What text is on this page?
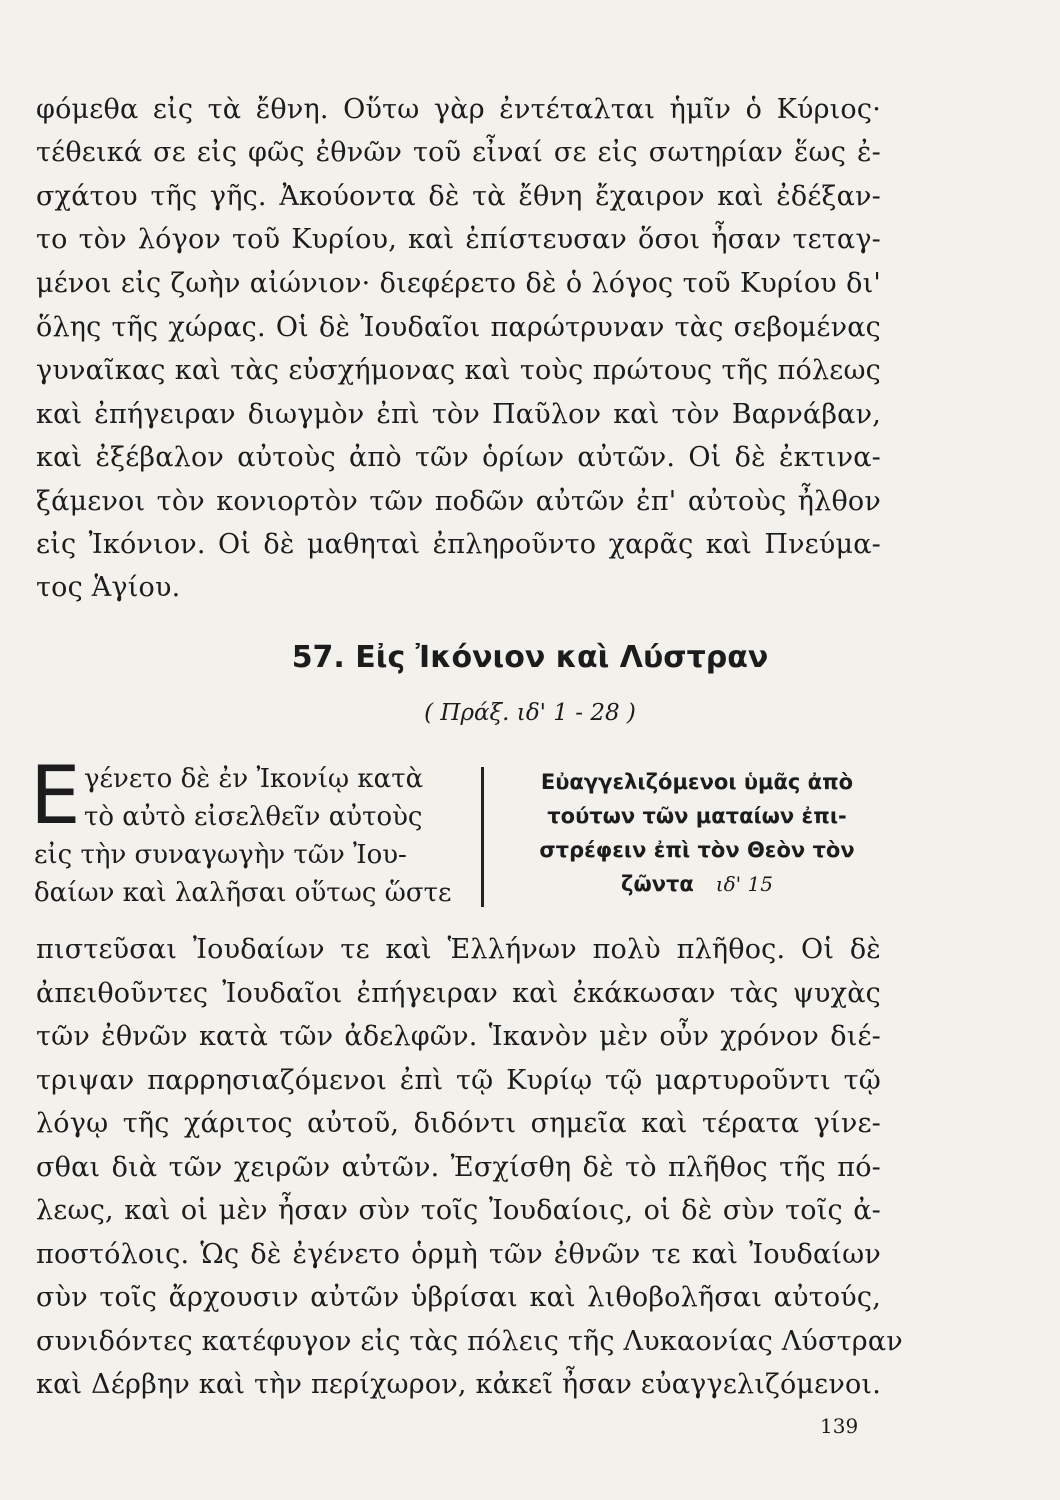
φόμεθα εἰς τὰ ἔθνη. Οὕτω γὰρ ἐντέταλται ἡμῖν ὁ Κύριος·
τέθεικά σε εἰς φῶς ἐθνῶν τοῦ εἶναί σε εἰς σωτηρίαν ἕως ἐ-
σχάτου τῆς γῆς. Ἀκούοντα δὲ τὰ ἔθνη ἔχαιρον καὶ ἐδέξαν-
το τὸν λόγον τοῦ Κυρίου, καὶ ἐπίστευσαν ὅσοι ἦσαν τεταγ-
μένοι εἰς ζωὴν αἰώνιον· διεφέρετο δὲ ὁ λόγος τοῦ Κυρίου δι'
ὅλης τῆς χώρας. Οἱ δὲ Ἰουδαῖοι παρώτρυναν τὰς σεβομένας
γυναῖκας καὶ τὰς εὐσχήμονας καὶ τοὺς πρώτους τῆς πόλεως
καὶ ἐπήγειραν διωγμὸν ἐπὶ τὸν Παῦλον καὶ τὸν Βαρνάβαν,
καὶ ἐξέβαλον αὐτοὺς ἀπὸ τῶν ὁρίων αὐτῶν. Οἱ δὲ ἐκτινα-
ξάμενοι τὸν κονιορτὸν τῶν ποδῶν αὐτῶν ἐπ' αὐτοὺς ἦλθον
εἰς Ἰκόνιον. Οἱ δὲ μαθηταὶ ἐπληροῦντο χαρᾶς καὶ Πνεύμα-
τος Ἁγίου.
57. Εἰς Ἰκόνιον καὶ Λύστραν
( Πράξ. ιδ' 1 - 28 )
E γένετο δὲ ἐν Ἰκονίῳ κατὰ
τὸ αὐτὸ εἰσελθεῖν αὐτοὺς
εἰς τὴν συναγωγὴν τῶν Ἰου-
δαίων καὶ λαλῆσαι οὕτως ὥστε
Εὐαγγελιζόμενοι ὑμᾶς ἀπὸ
τούτων τῶν ματαίων ἐπι-
στρέφειν ἐπὶ τὸν Θεὸν τὸν
ζῶντα ιδ' 15
πιστεῦσαι Ἰουδαίων τε καὶ Ἑλλήνων πολὺ πλῆθος. Οἱ δὲ
ἀπειθοῦντες Ἰουδαῖοι ἐπήγειραν καὶ ἐκάκωσαν τὰς ψυχὰς
τῶν ἐθνῶν κατὰ τῶν ἀδελφῶν. Ἱκανὸν μὲν οὖν χρόνον διέ-
τριψαν παρρησιαζόμενοι ἐπὶ τῷ Κυρίῳ τῷ μαρτυροῦντι τῷ
λόγῳ τῆς χάριτος αὐτοῦ, διδόντι σημεῖα καὶ τέρατα γίνε-
σθαι διὰ τῶν χειρῶν αὐτῶν. Ἐσχίσθη δὲ τὸ πλῆθος τῆς πό-
λεως, καὶ οἱ μὲν ἦσαν σὺν τοῖς Ἰουδαίοις, οἱ δὲ σὺν τοῖς ἀ-
ποστόλοις. Ὡς δὲ ἐγένετο ὁρμὴ τῶν ἐθνῶν τε καὶ Ἰουδαίων
σὺν τοῖς ἄρχουσιν αὐτῶν ὑβρίσαι καὶ λιθοβολῆσαι αὐτούς,
συνιδόντες κατέφυγον εἰς τὰς πόλεις τῆς Λυκαονίας Λύστραν
καὶ Δέρβην καὶ τὴν περίχωρον, κἀκεῖ ἦσαν εὐαγγελιζόμενοι.
139
